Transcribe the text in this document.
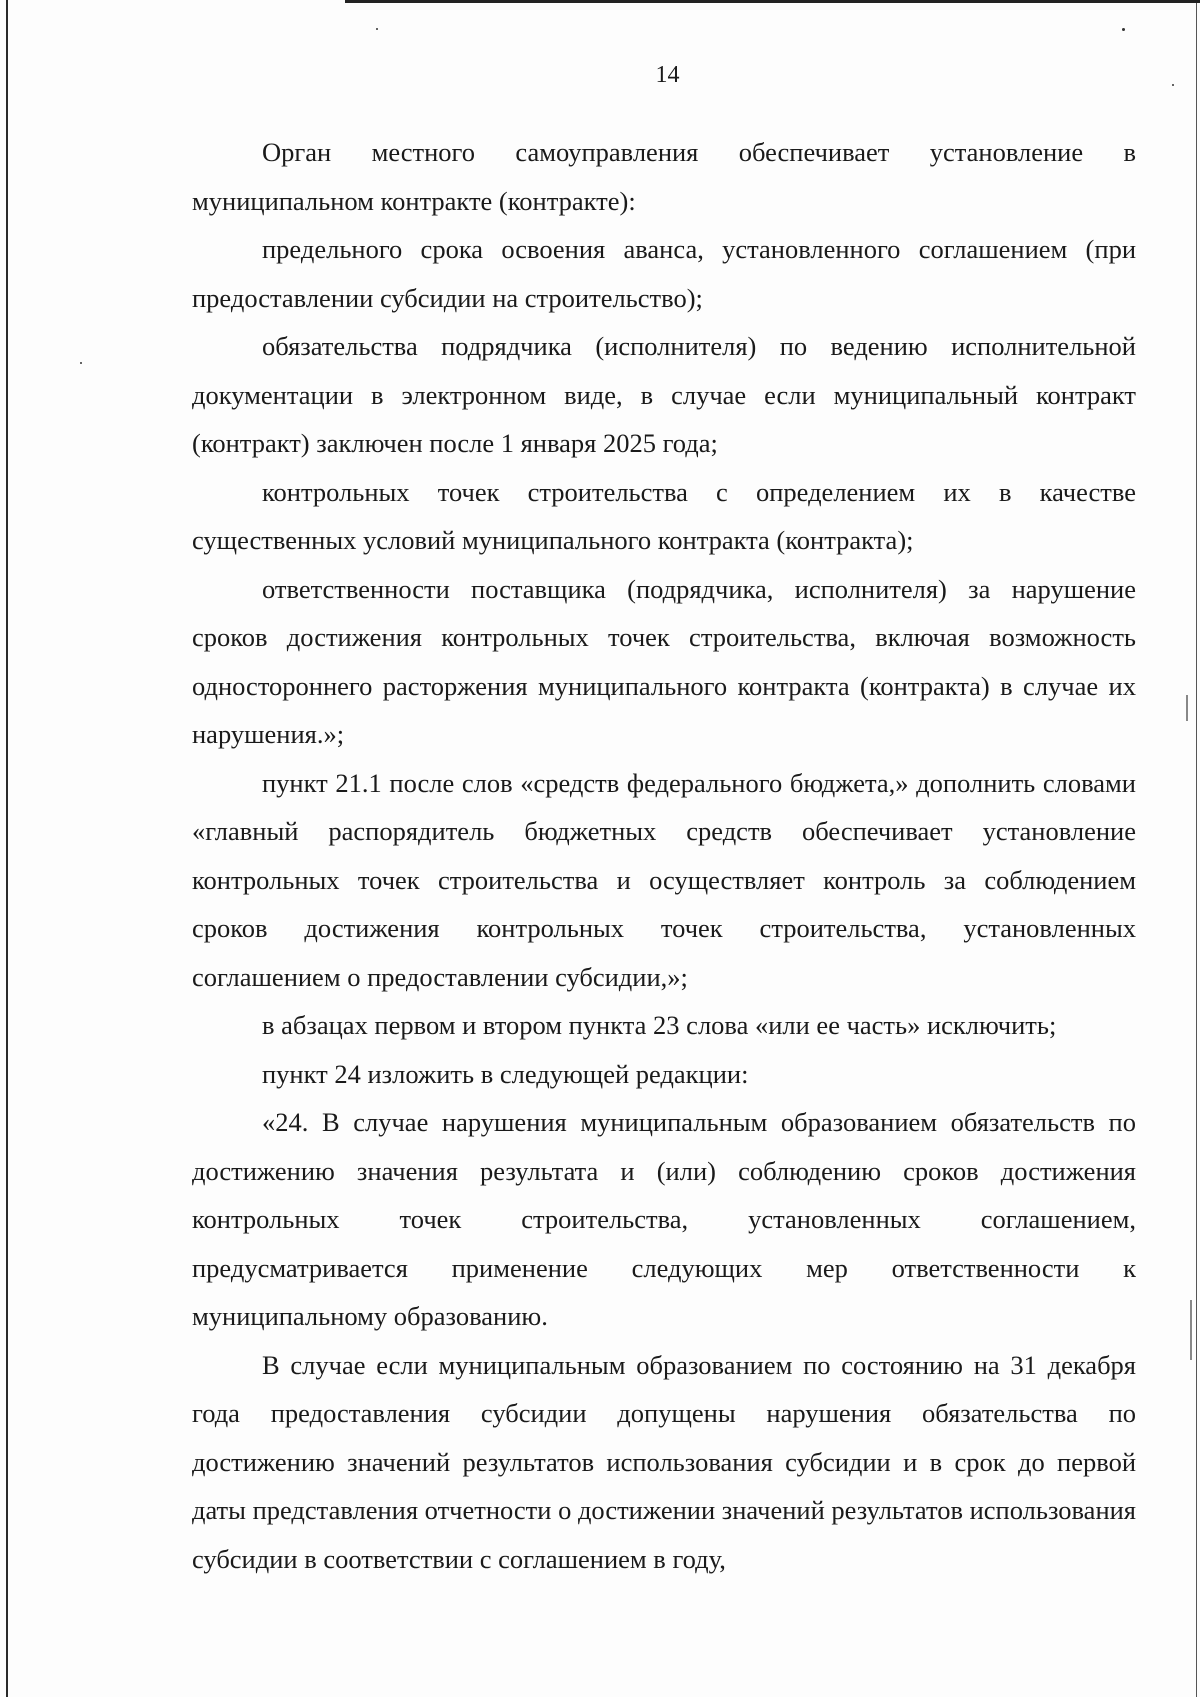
14

Орган местного самоуправления обеспечивает установление в муниципальном контракте (контракте):

предельного срока освоения аванса, установленного соглашением (при предоставлении субсидии на строительство);

обязательства подрядчика (исполнителя) по ведению исполнительной документации в электронном виде, в случае если муниципальный контракт (контракт) заключен после 1 января 2025 года;

контрольных точек строительства с определением их в качестве существенных условий муниципального контракта (контракта);

ответственности поставщика (подрядчика, исполнителя) за нарушение сроков достижения контрольных точек строительства, включая возможность одностороннего расторжения муниципального контракта (контракта) в случае их нарушения.»;

пункт 21.1 после слов «средств федерального бюджета,» дополнить словами «главный распорядитель бюджетных средств обеспечивает установление контрольных точек строительства и осуществляет контроль за соблюдением сроков достижения контрольных точек строительства, установленных соглашением о предоставлении субсидии,»;

в абзацах первом и втором пункта 23 слова «или ее часть» исключить;

пункт 24 изложить в следующей редакции:

«24. В случае нарушения муниципальным образованием обязательств по достижению значения результата и (или) соблюдению сроков достижения контрольных точек строительства, установленных соглашением, предусматривается применение следующих мер ответственности к муниципальному образованию.

В случае если муниципальным образованием по состоянию на 31 декабря года предоставления субсидии допущены нарушения обязательства по достижению значений результатов использования субсидии и в срок до первой даты представления отчетности о достижении значений результатов использования субсидии в соответствии с соглашением в году,
